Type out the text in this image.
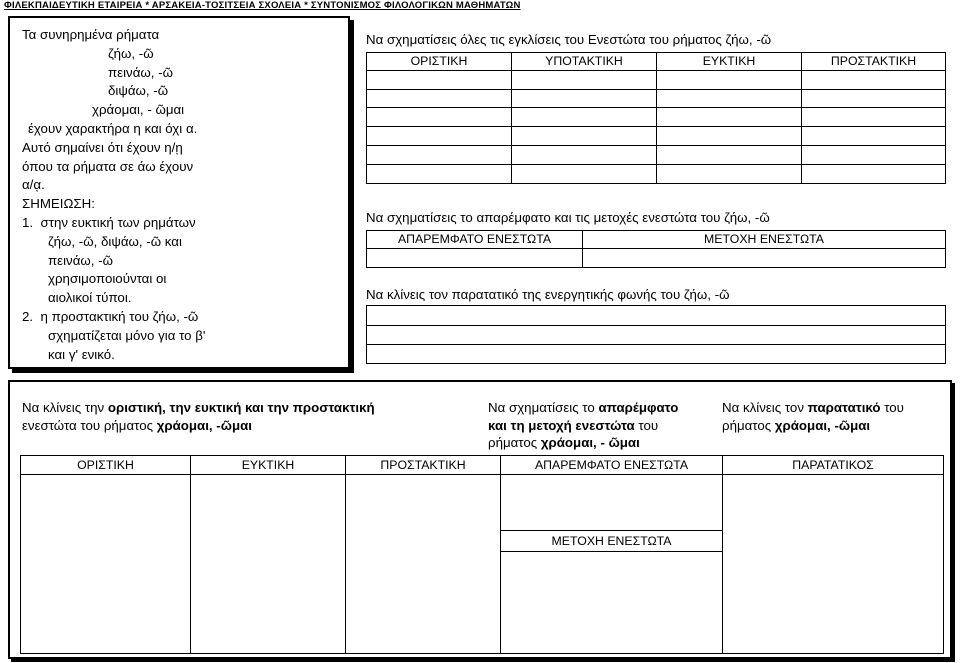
ΦΙΛΕΚΠΑΙΔΕΥΤΙΚΗ ΕΤΑΙΡΕΙΑ * ΑΡΣΑΚΕΙΑ-ΤΟΣΙΤΣΕΙΑ ΣΧΟΛΕΙΑ * ΣΥΝΤΟΝΙΣΜΟΣ ΦΙΛΟΛΟΓΙΚΩΝ ΜΑΘΗΜΑΤΩΝ
Τα συνηρημένα ρήματα
ζήω, -ῶ
πεινάω, -ῶ
διψάω, -ῶ
χράομαι, - ῶμαι
έχουν χαρακτήρα η και όχι α.
Αυτό σημαίνει ότι έχουν η/ῃ
όπου τα ρήματα σε άω έχουν
α/ᾳ.
ΣΗΜΕΙΩΣΗ:
1. στην ευκτική των ρημάτων
ζήω, -ῶ, διψάω, -ῶ και
πεινάω, -ῶ
χρησιμοποιούνται οι
αιολικοί τύποι.
2. η προστακτική του ζήω, -ῶ
σχηματίζεται μόνο για το β'
και γ' ενικό.
Να σχηματίσεις όλες τις εγκλίσεις του Ενεστώτα του ρήματος ζήω, -ῶ
ΟΡΙΣΤΙΚΗ	ΥΠΟΤΑΚΤΙΚΗ	ΕΥΚΤΙΚΗ	ΠΡΟΣΤΑΚΤΙΚΗ
Να σχηματίσεις το απαρέμφατο και τις μετοχές ενεστώτα του ζήω, -ῶ
ΑΠΑΡΕΜΦΑΤΟ ΕΝΕΣΤΩΤΑ	ΜΕΤΟΧΗ ΕΝΕΣΤΩΤΑ
Να κλίνεις τον παρατατικό της ενεργητικής φωνής του ζήω, -ῶ
Να κλίνεις την οριστική, την ευκτική και την προστακτική
ενεστώτα του ρήματος χράομαι, -ῶμαι
Να σχηματίσεις το απαρέμφατο
και τη μετοχή ενεστώτα του
ρήματος χράομαι, - ῶμαι
Να κλίνεις τον παρατατικό του
ρήματος χράομαι, -ῶμαι
ΟΡΙΣΤΙΚΗ	ΕΥΚΤΙΚΗ	ΠΡΟΣΤΑΚΤΙΚΗ	ΑΠΑΡΕΜΦΑΤΟ ΕΝΕΣΤΩΤΑ	ΠΑΡΑΤΑΤΙΚΟΣ
ΜΕΤΟΧΗ ΕΝΕΣΤΩΤΑ
